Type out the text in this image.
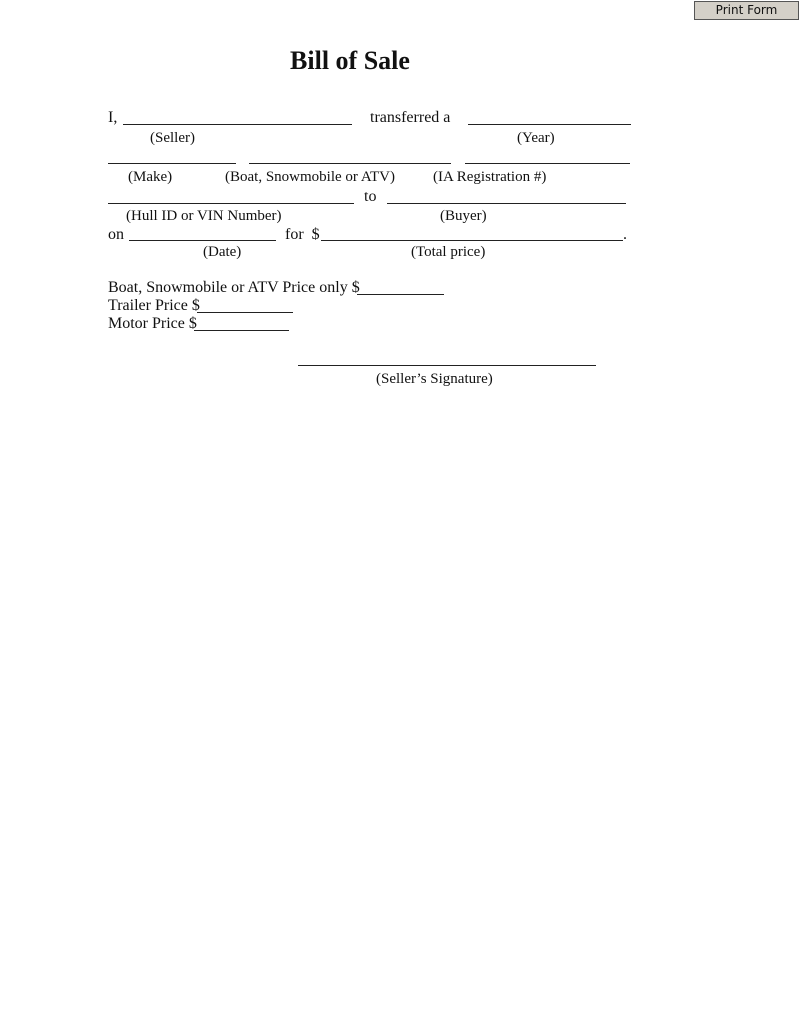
Print Form
Bill of Sale
I,	transferred a
(Seller)	(Year)
(Make)	(Boat, Snowmobile or ATV)	(IA Registration #)
to
(Hull ID or VIN Number)	(Buyer)
on	for  $	.
(Date)	(Total price)
Boat, Snowmobile or ATV Price only $
Trailer Price $
Motor Price $
(Seller’s Signature)
